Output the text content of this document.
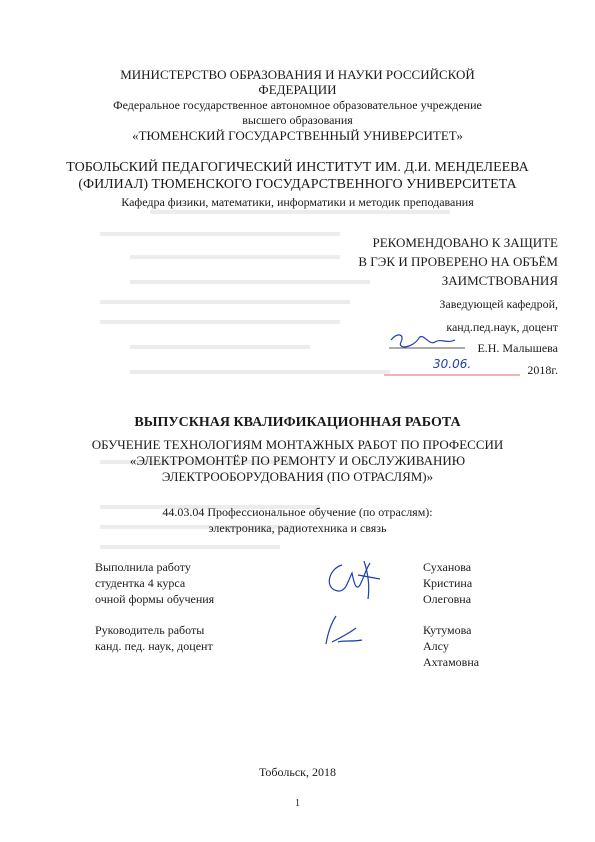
МИНИСТЕРСТВО ОБРАЗОВАНИЯ И НАУКИ РОССИЙСКОЙ
ФЕДЕРАЦИИ
Федеральное государственное автономное образовательное учреждение
высшего образования
«ТЮМЕНСКИЙ ГОСУДАРСТВЕННЫЙ УНИВЕРСИТЕТ»
ТОБОЛЬСКИЙ ПЕДАГОГИЧЕСКИЙ ИНСТИТУТ ИМ. Д.И. МЕНДЕЛЕЕВА
(ФИЛИАЛ) ТЮМЕНСКОГО ГОСУДАРСТВЕННОГО УНИВЕРСИТЕТА
Кафедра физики, математики, информатики и методик преподавания
РЕКОМЕНДОВАНО К ЗАЩИТЕ
В ГЭК И ПРОВЕРЕНО НА ОБЪЁМ
ЗАИМСТВОВАНИЯ
Заведующей кафедрой,
канд.пед.наук, доцент
Е.Н. Малышева
2018г.
30.06.
ВЫПУСКНАЯ КВАЛИФИКАЦИОННАЯ РАБОТА
ОБУЧЕНИЕ ТЕХНОЛОГИЯМ МОНТАЖНЫХ РАБОТ ПО ПРОФЕССИИ
«ЭЛЕКТРОМОНТЁР ПО РЕМОНТУ И ОБСЛУЖИВАНИЮ
ЭЛЕКТРООБОРУДОВАНИЯ (ПО ОТРАСЛЯМ)»
44.03.04 Профессиональное обучение (по отраслям):
электроника, радиотехника и связь
Выполнила работу
студентка 4 курса
очной формы обучения
Суханова
Кристина
Олеговна
Руководитель работы
канд. пед. наук, доцент
Кутумова
Алсу
Ахтамовна
Тобольск, 2018
1
